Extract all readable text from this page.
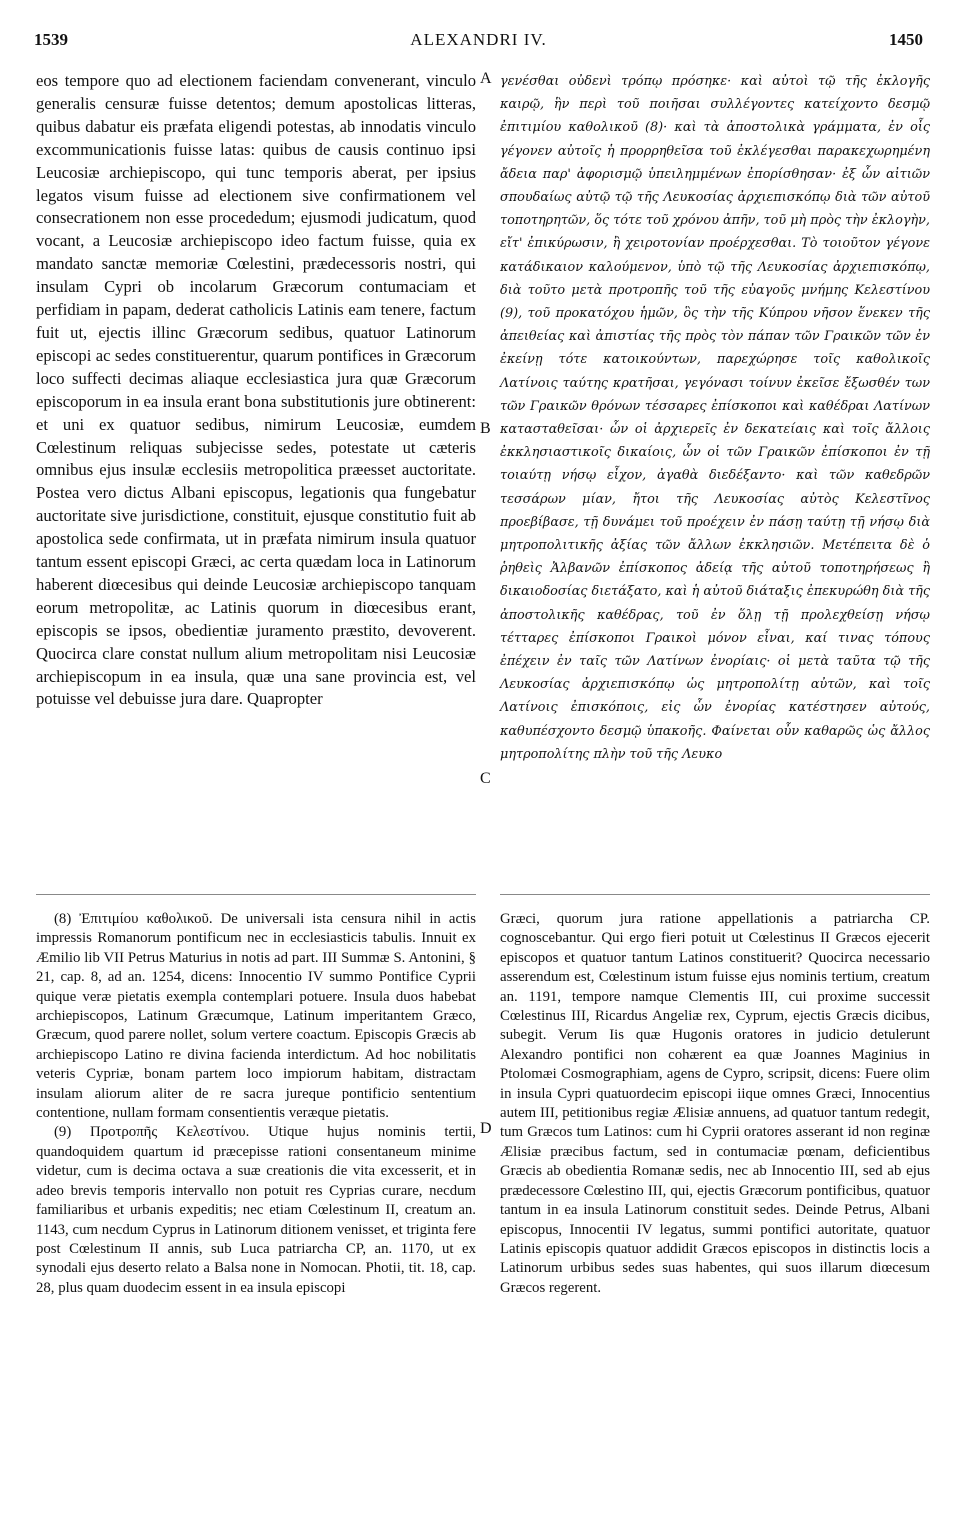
1539	ALEXANDRI IV.	1450
A
B
C
D
eos tempore quo ad electionem faciendam convenerant, vinculo generalis censuræ fuisse detentos; demum apostolicas litteras, quibus dabatur eis præfata eligendi potestas, ab innodatis vinculo excommunicationis fuisse latas: quibus de causis continuo ipsi Leucosiæ archiepiscopo, qui tunc temporis aberat, per ipsius legatos visum fuisse ad electionem sive confirmationem vel consecrationem non esse procededum; ejusmodi judicatum, quod vocant, a Leucosiæ archiepiscopo ideo factum fuisse, quia ex mandato sanctæ memoriæ Cœlestini, prædecessoris nostri, qui insulam Cypri ob incolarum Græcorum contumaciam et perfidiam in papam, dederat catholicis Latinis eam tenere, factum fuit ut, ejectis illinc Græcorum sedibus, quatuor Latinorum episcopi ac sedes constituerentur, quarum pontifices in Græcorum loco suffecti decimas aliaque ecclesiastica jura quæ Græcorum episcoporum in ea insula erant bona substitutionis jure obtinerent: et uni ex quatuor sedibus, nimirum Leucosiæ, eumdem Cœlestinum reliquas subjecisse sedes, potestate ut cæteris omnibus ejus insulæ ecclesiis metropolitica præesset auctoritate. Postea vero dictus Albani episcopus, legationis qua fungebatur auctoritate sive jurisdictione, constituit, ejusque constitutio fuit ab apostolica sede confirmata, ut in præfata nimirum insula quatuor tantum essent episcopi Græci, ac certa quædam loca in Latinorum haberent diœcesibus qui deinde Leucosiæ archiepiscopo tanquam eorum metropolitæ, ac Latinis quorum in diœcesibus erant, episcopis se ipsos, obedientiæ juramento præstito, devoverent. Quocirca clare constat nullum alium metropolitam nisi Leucosiæ archiepiscopum in ea insula, quæ una sane provincia est, vel potuisse vel debuisse jura dare. Quapropter
γενέσθαι οὐδενὶ τρόπῳ πρόσηκε· καὶ αὐτοὶ τῷ τῆς ἐκλογῆς καιρῷ, ἣν περὶ τοῦ ποιῆσαι συλλέγοντες κατείχοντο δεσμῷ ἐπιτιμίου καθολικοῦ (8)· καὶ τὰ ἀποστολικὰ γράμματα, ἐν οἷς γέγονεν αὐτοῖς ἡ προρρηθεῖσα τοῦ ἐκλέγεσθαι παρακεχωρημένη ἄδεια παρ' ἀφορισμῷ ὑπειλημμένων ἐπορίσθησαν· ἐξ ὧν αἰτιῶν σπουδαίως αὐτῷ τῷ τῆς Λευκοσίας ἀρχιεπισκόπῳ διὰ τῶν αὐτοῦ τοποτηρητῶν, ὅς τότε τοῦ χρόνου ἀπῆν, τοῦ μὴ πρὸς τὴν ἐκλογὴν, εἴτ' ἐπικύρωσιν, ἢ χειροτονίαν προέρχεσθαι. Τὸ τοιοῦτον γέγονε κατάδικαιον καλούμενον, ὑπὸ τῷ τῆς Λευκοσίας ἀρχιεπισκόπῳ, διὰ τοῦτο μετὰ προτροπῆς τοῦ τῆς εὐαγοῦς μνήμης Κελεστίνου (9), τοῦ προκατόχου ἡμῶν, ὃς τὴν τῆς Κύπρου νῆσον ἕνεκεν τῆς ἀπειθείας καὶ ἀπιστίας τῆς πρὸς τὸν πάπαν τῶν Γραικῶν τῶν ἐν ἐκείνῃ τότε κατοικούντων, παρεχώρησε τοῖς καθολικοῖς Λατίνοις ταύτης κρατῆσαι, γεγόνασι τοίνυν ἐκεῖσε ἔξωσθέν των τῶν Γραικῶν θρόνων τέσσαρες ἐπίσκοποι καὶ καθέδραι Λατίνων κατασταθεῖσαι· ὧν οἱ ἀρχιερεῖς ἐν δεκατείαις καὶ τοῖς ἄλλοις ἐκκλησιαστικοῖς δικαίοις, ὧν οἱ τῶν Γραικῶν ἐπίσκοποι ἐν τῇ τοιαύτῃ νήσῳ εἶχον, ἀγαθὰ διεδέξαντο· καὶ τῶν καθεδρῶν τεσσάρων μίαν, ἤτοι τῆς Λευκοσίας αὐτὸς Κελεστῖνος προεβίβασε, τῇ δυνάμει τοῦ προέχειν ἐν πάσῃ ταύτῃ τῇ νήσῳ διὰ μητροπολιτικῆς ἀξίας τῶν ἄλλων ἐκκλησιῶν. Μετέπειτα δὲ ὁ ῥηθεὶς Ἀλβανῶν ἐπίσκοπος ἀδείᾳ τῆς αὐτοῦ τοποτηρήσεως ἢ δικαιοδοσίας διετάξατο, καὶ ἡ αὐτοῦ διάταξις ἐπεκυρώθη διὰ τῆς ἀποστολικῆς καθέδρας, τοῦ ἐν ὅλῃ τῇ προλεχθείσῃ νήσῳ τέτταρες ἐπίσκοποι Γραικοὶ μόνον εἶναι, καί τινας τόπους ἐπέχειν ἐν ταῖς τῶν Λατίνων ἐνορίαις· οἱ μετὰ ταῦτα τῷ τῆς Λευκοσίας ἀρχιεπισκόπῳ ὡς μητροπολίτῃ αὐτῶν, καὶ τοῖς Λατίνοις ἐπισκόποις, εἰς ὧν ἐνορίας κατέστησεν αὐτούς, καθυπέσχοντο δεσμῷ ὑπακοῆς. Φαίνεται οὖν καθαρῶς ὡς ἄλλος μητροπολίτης πλὴν τοῦ τῆς Λευκο

(8) Ἐπιτιμίου καθολικοῦ. De universali ista censura nihil in actis impressis Romanorum pontificum nec in ecclesiasticis tabulis. Innuit ex Æmilio lib VII Petrus Maturius in notis ad part. III Summæ S. Antonini, § 21, cap. 8, ad an. 1254, dicens: Innocentio IV summo Pontifice Cyprii quique veræ pietatis exempla contemplari potuere. Insula duos habebat archiepiscopos, Latinum Græcumque, Latinum imperitantem Græco, Græcum, quod parere nollet, solum vertere coactum. Episcopis Græcis ab archiepiscopo Latino re divina facienda interdictum. Ad hoc nobilitatis veteris Cypriæ, bonam partem loco impiorum habitam, distractam insulam aliorum aliter de re sacra jureque pontificio sententium contentione, nullam formam consentientis veræque pietatis.

(9) Προτροπῆς Κελεστίνου. Utique hujus nominis tertii, quandoquidem quartum id præcepisse rationi consentaneum minime videtur, cum is decima octava a suæ creationis die vita excesserit, et in adeo brevis temporis intervallo non potuit res Cyprias curare, necdum familiaribus et urbanis expeditis; nec etiam Cœlestinum II, creatum an. 1143, cum necdum Cyprus in Latinorum ditionem venisset, et triginta fere post Cœlestinum II annis, sub Luca patriarcha CP, an. 1170, ut ex synodali ejus deserto relato a Balsa none in Nomocan. Photii, tit. 18, cap. 28, plus quam duodecim essent in ea insula episcopi

Græci, quorum jura ratione appellationis a patriarcha CP. cognoscebantur. Qui ergo fieri potuit ut Cœlestinus II Græcos ejecerit episcopos et quatuor tantum Latinos constituerit? Quocirca necessario asserendum est, Cœlestinum istum fuisse ejus nominis tertium, creatum an. 1191, tempore namque Clementis III, cui proxime successit Cœlestinus III, Ricardus Angeliæ rex, Cyprum, ejectis Græcis dicibus, subegit. Verum Iis quæ Hugonis oratores in judicio detulerunt Alexandro pontifici non cohærent ea quæ Joannes Maginius in Ptolomæi Cosmographiam, agens de Cypro, scripsit, dicens: Fuere olim in insula Cypri quatuordecim episcopi iique omnes Græci, Innocentius autem III, petitionibus regiæ Ælisiæ annuens, ad quatuor tantum redegit, tum Græcos tum Latinos: cum hi Cyprii oratores asserant id non reginæ Ælisiæ præcibus factum, sed in contumaciæ pœnam, deficientibus Græcis ab obedientia Romanæ sedis, nec ab Innocentio III, sed ab ejus prædecessore Cœlestino III, qui, ejectis Græcorum pontificibus, quatuor tantum in ea insula Latinorum constituit sedes. Deinde Petrus, Albani episcopus, Innocentii IV legatus, summi pontifici autoritate, quatuor Latinis episcopis quatuor addidit Græcos episcopos in distinctis locis a Latinorum urbibus sedes suas habentes, qui suos illarum diœcesum Græcos regerent.
